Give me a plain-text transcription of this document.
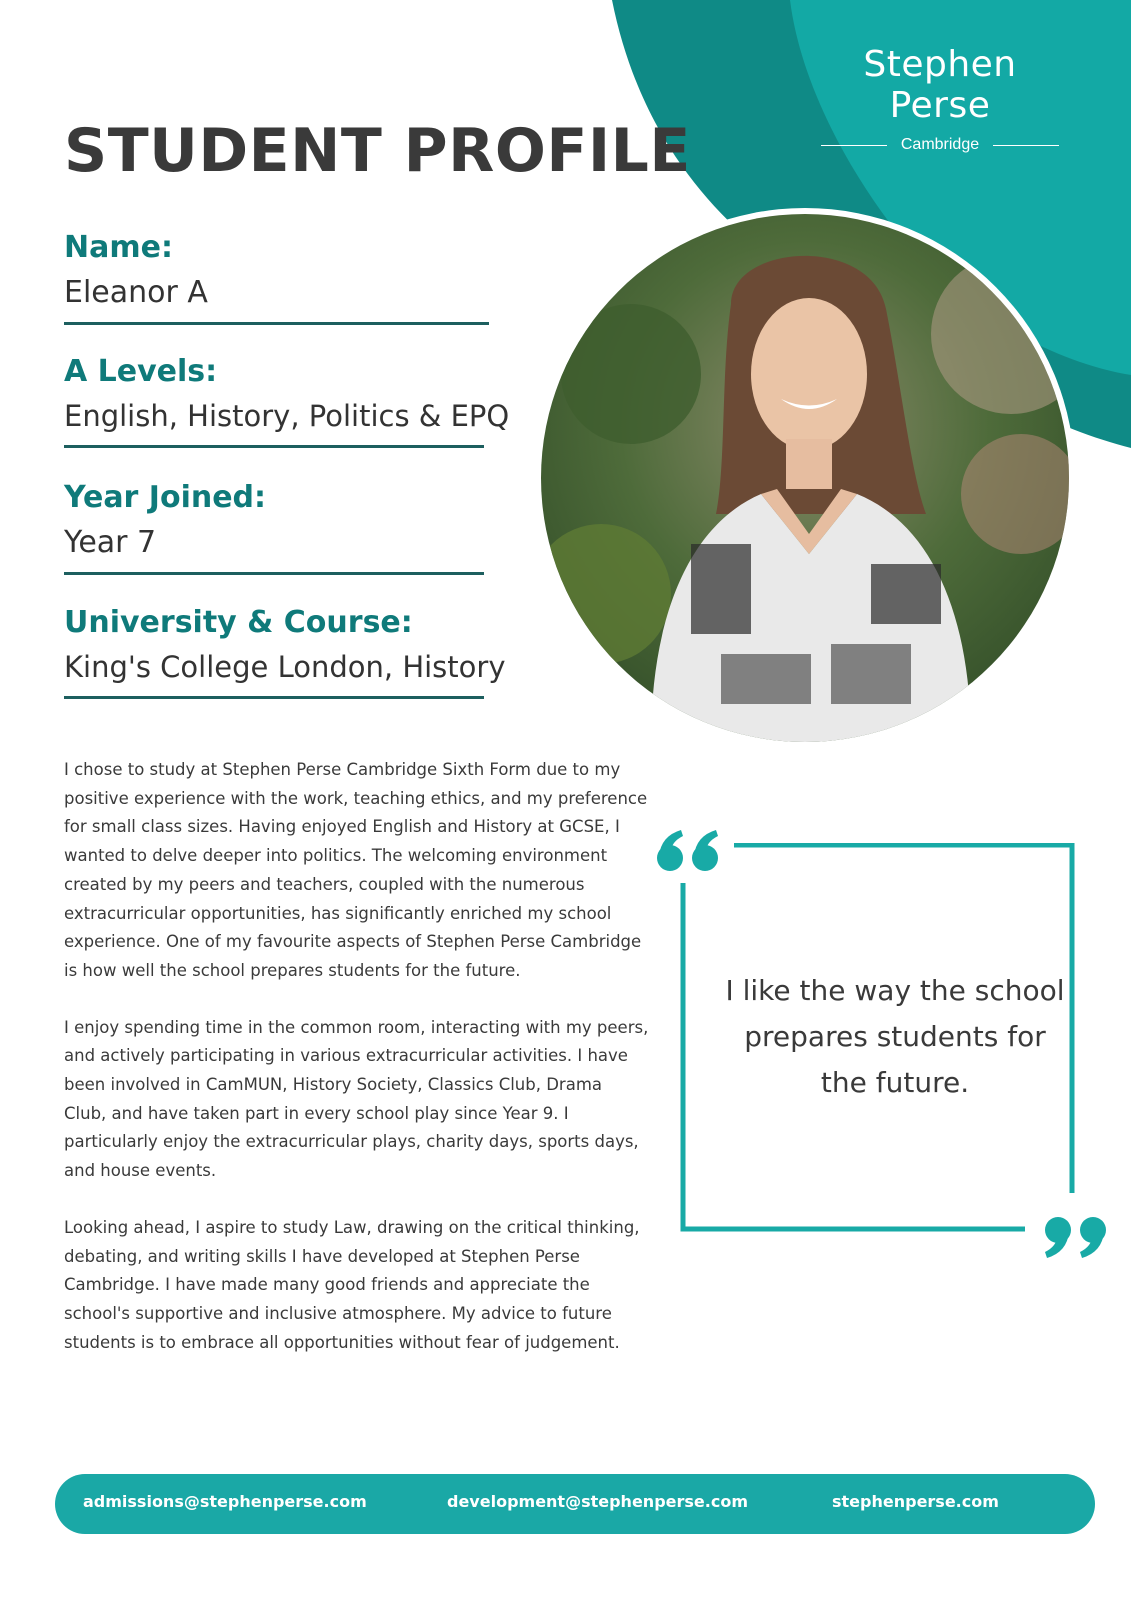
Stephen Perse
Cambridge
STUDENT PROFILE
Name:
Eleanor A
A Levels:
English, History, Politics & EPQ
Year Joined:
Year 7
University & Course:
King's College London, History

I chose to study at Stephen Perse Cambridge Sixth Form due to my positive experience with the work, teaching ethics, and my preference for small class sizes. Having enjoyed English and History at GCSE, I wanted to delve deeper into politics. The welcoming environment created by my peers and teachers, coupled with the numerous extracurricular opportunities, has significantly enriched my school experience. One of my favourite aspects of Stephen Perse Cambridge is how well the school prepares students for the future.

I enjoy spending time in the common room, interacting with my peers, and actively participating in various extracurricular activities. I have been involved in CamMUN, History Society, Classics Club, Drama Club, and have taken part in every school play since Year 9. I particularly enjoy the extracurricular plays, charity days, sports days, and house events.

Looking ahead, I aspire to study Law, drawing on the critical thinking, debating, and writing skills I have developed at Stephen Perse Cambridge. I have made many good friends and appreciate the school's supportive and inclusive atmosphere. My advice to future students is to embrace all opportunities without fear of judgement.

I like the way the school prepares students for the future.
admissions@stephenperse.com	development@stephenperse.com	stephenperse.com
